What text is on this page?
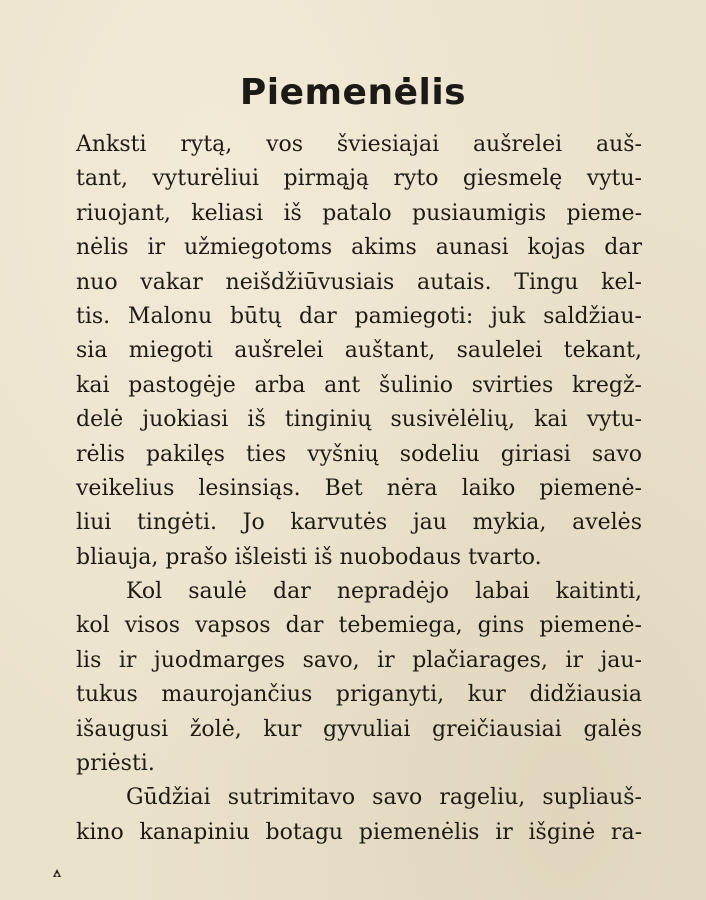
Piemenėlis
Anksti rytą, vos šviesiajai aušrelei auš-
tant, vyturėliui pirmąją ryto giesmelę vytu-
riuojant, keliasi iš patalo pusiaumigis pieme-
nėlis ir užmiegotoms akims aunasi kojas dar
nuo vakar neišdžiūvusiais autais. Tingu kel-
tis. Malonu būtų dar pamiegoti: juk saldžiau-
sia miegoti aušrelei auštant, saulelei tekant,
kai pastogėje arba ant šulinio svirties kregž-
delė juokiasi iš tinginių susivėlėlių, kai vytu-
rėlis pakilęs ties vyšnių sodeliu giriasi savo
veikelius lesinsiąs. Bet nėra laiko piemenė-
liui tingėti. Jo karvutės jau mykia, avelės
bliauja, prašo išleisti iš nuobodaus tvarto.
Kol saulė dar nepradėjo labai kaitinti,
kol visos vapsos dar tebemiega, gins piemenė-
lis ir juodmarges savo, ir plačiarages, ir jau-
tukus maurojančius priganyti, kur didžiausia
išaugusi žolė, kur gyvuliai greičiausiai galės
priėsti.
Gūdžiai sutrimitavo savo rageliu, supliauš-
kino kanapiniu botagu piemenėlis ir išginė ra-
